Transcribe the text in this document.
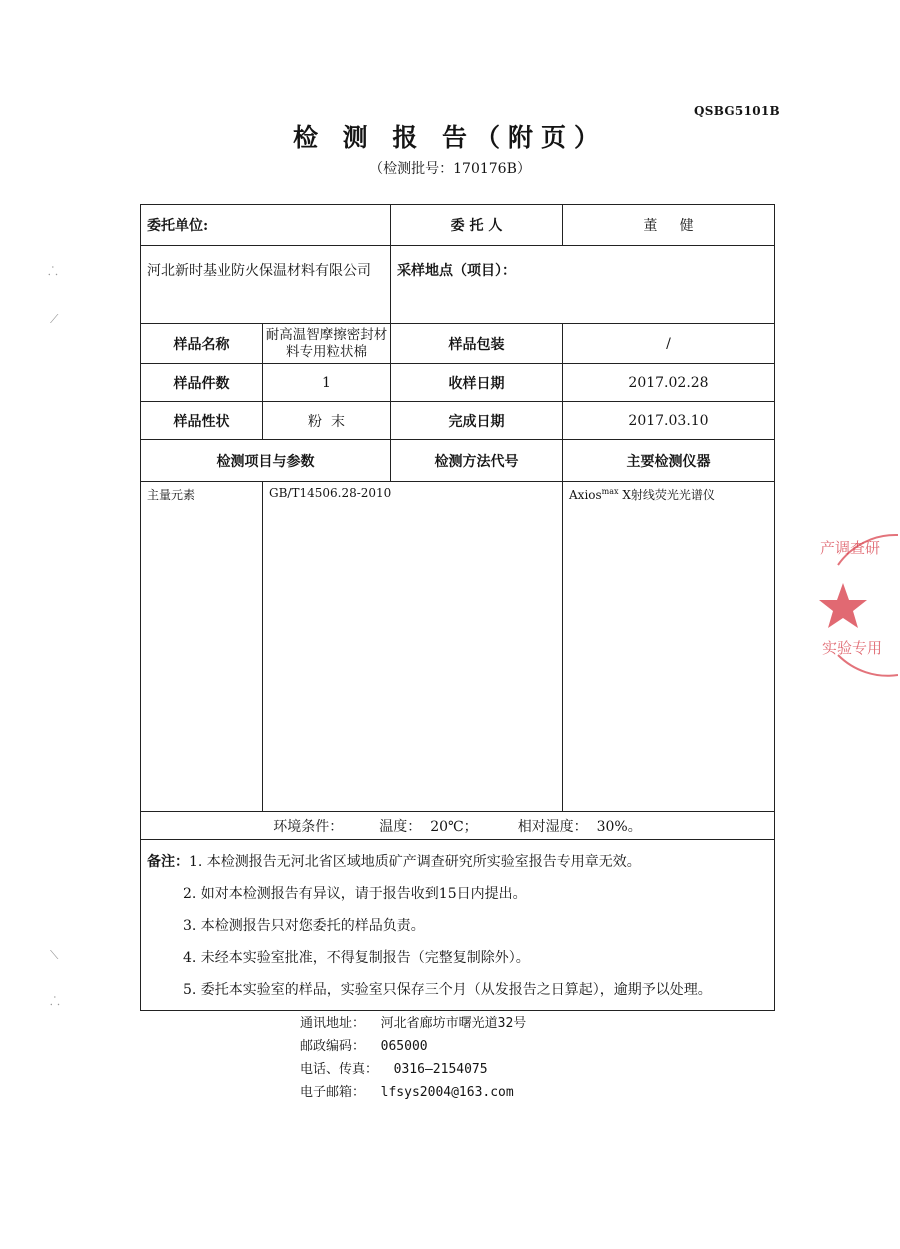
QSBG5101B
检 测 报 告（附页）
（检测批号：170176B）
委托单位:		委 托 人	董     健
河北新时基业防火保温材料有限公司		采样地点（项目）：	
样品名称	耐高温智摩擦密封材料专用粒状棉	样品包装	/
样品件数	1	收样日期	2017.02.28
样品性状	粉  末	完成日期	2017.03.10
检测项目与参数		检测方法代号	主要检测仪器
主量元素	GB/T14506.28-2010		Axios$^{max}$ X射线荧光光谱仪

环境条件： 温度：  20℃； 相对湿度：  30%。			

备注：1. 本检测报告无河北省区域地质矿产调查研究所实验室报告专用章无效。
2. 如对本检测报告有异议，请于报告收到15日内提出。
3. 本检测报告只对您委托的样品负责。
4. 未经本实验室批准，不得复制报告（完整复制除外）。
5. 委托本实验室的样品，实验室只保存三个月（从发报告之日算起），逾期予以处理。			
通讯地址：  河北省廊坊市曙光道32号
邮政编码：  065000
电话、传真：  0316—2154075
电子邮箱：  lfsys2004@163.com
产调查研
实验专用
⸫
⟋
⟍
⸫
